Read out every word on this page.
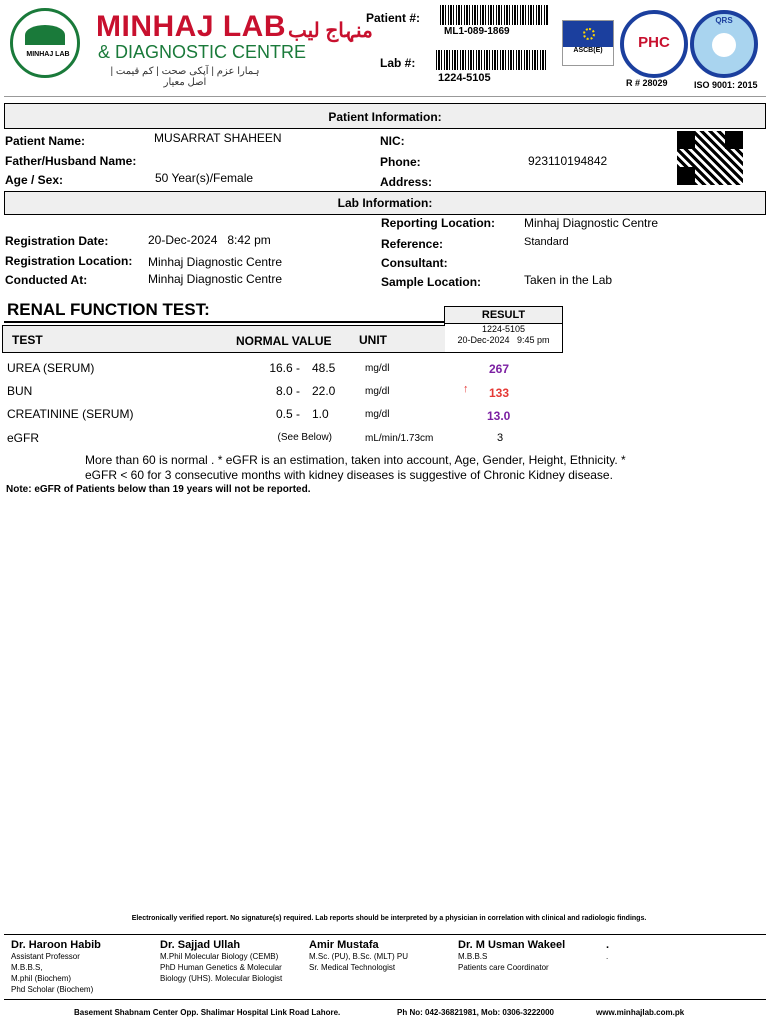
MINHAJ LAB
MINHAJ LAB منہاج لیب
& DIAGNOSTIC CENTRE
ہمارا عزم | آپکی صحت | کم قیمت | اصل معیار
Patient #:
ML1-089-1869
Lab #:
1224-5105
ASCB(E)	PHC
R # 28029
QRS
ISO 9001: 2015
Patient Information:
Patient Name:	MUSARRAT SHAHEEN
Father/Husband Name:
Age / Sex:	50 Year(s)/Female
NIC:
Phone:	923110194842
Address:
Lab Information:
Reporting Location: Minhaj Diagnostic Centre
Reference:	Standard
Consultant:
Sample Location:	Taken in the Lab
Registration Date:	20-Dec-2024   8:42 pm
Registration Location: Minhaj Diagnostic Centre
Conducted At:	Minhaj Diagnostic Centre
RENAL FUNCTION TEST:	RESULT
1224-5105
20-Dec-2024   9:45 pm
TEST	NORMAL VALUE UNIT
UREA (SERUM)	16.6 - 48.5	mg/dl	267
BUN	8.0 - 22.0	mg/dl	↑ 133
CREATININE (SERUM)	0.5 - 1.0	mg/dl	13.0
eGFR	(See Below)	mL/min/1.73cm	3
More than 60 is normal . * eGFR is an estimation, taken into account, Age, Gender, Height, Ethnicity. *
eGFR < 60 for 3 consecutive months with kidney diseases is suggestive of Chronic Kidney disease.
Note: eGFR of Patients below than 19 years will not be reported.
Electronically verified report. No signature(s) required. Lab reports should be interpreted by a physician in correlation with clinical and radiologic findings.
Dr. Haroon Habib
Assistant Professor
M.B.B.S,
M.phil (Biochem)
Phd Scholar (Biochem)
Dr. Sajjad Ullah
M.Phil Molecular Biology (CEMB)
PhD Human Genetics & Molecular
Biology (UHS). Molecular Biologist
Amir Mustafa
M.Sc. (PU), B.Sc. (MLT) PU
Sr. Medical Technologist
Dr. M Usman Wakeel
M.B.B.S
Patients care Coordinator
.
.
Basement Shabnam Center Opp. Shalimar Hospital Link Road Lahore.	Ph No: 042-36821981, Mob: 0306-3222000	www.minhajlab.com.pk
